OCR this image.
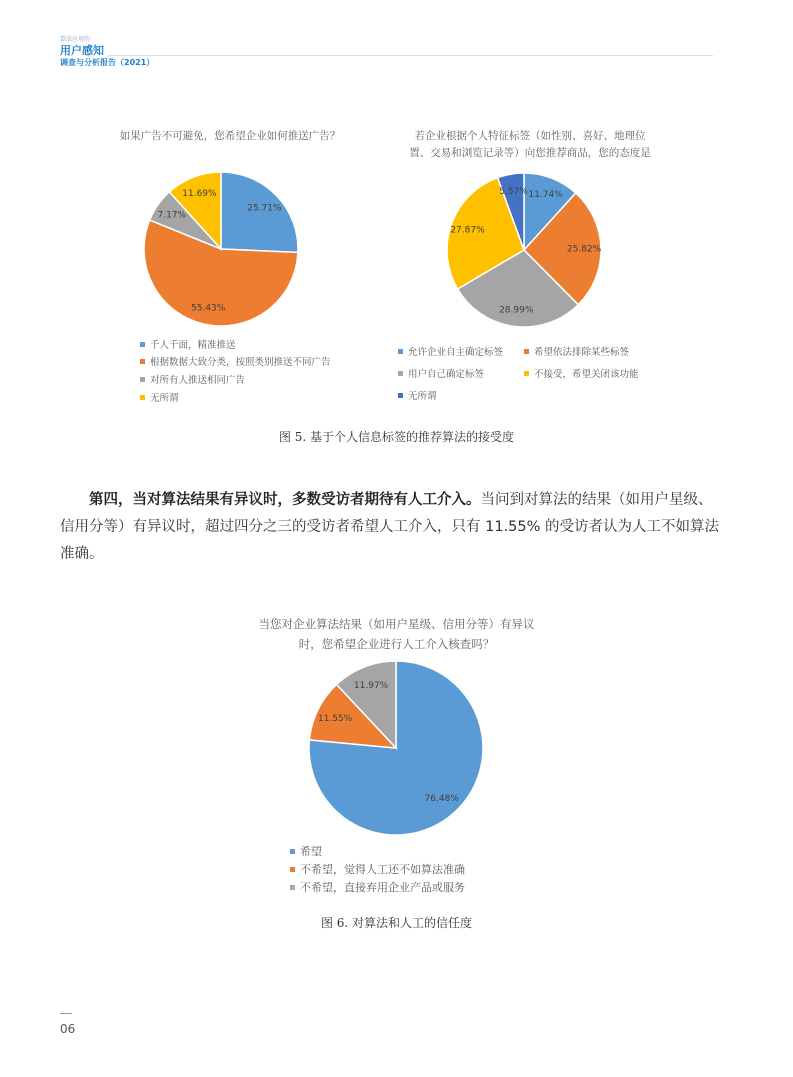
算法应用的
用户感知
调查与分析报告（2021）
如果广告不可避免，您希望企业如何推送广告？
25.71%
55.43%
7.17%
11.69%	11.74%
25.82%
28.99%
27.87%
5.57%
76.48%
11.55%
11.97%
千人千面，精准推送
根据数据大致分类，按照类别推送不同广告
对所有人推送相同广告
无所谓
若企业根据个人特征标签（如性别、喜好、地理位
置、交易和浏览记录等）向您推荐商品，您的态度是
允许企业自主确定标签	希望依法排除某些标签
用户自己确定标签	不接受，希望关闭该功能
无所谓
图 5. 基于个人信息标签的推荐算法的接受度
第四，当对算法结果有异议时，多数受访者期待有人工介入。当问到对算法的结果（如用户星级、信用分等）有异议时，超过四分之三的受访者希望人工介入，只有 11.55% 的受访者认为人工不如算法准确。
当您对企业算法结果（如用户星级、信用分等）有异议
时，您希望企业进行人工介入核查吗？
希望
不希望，觉得人工还不如算法准确
不希望，直接弃用企业产品或服务
图 6. 对算法和人工的信任度
06
